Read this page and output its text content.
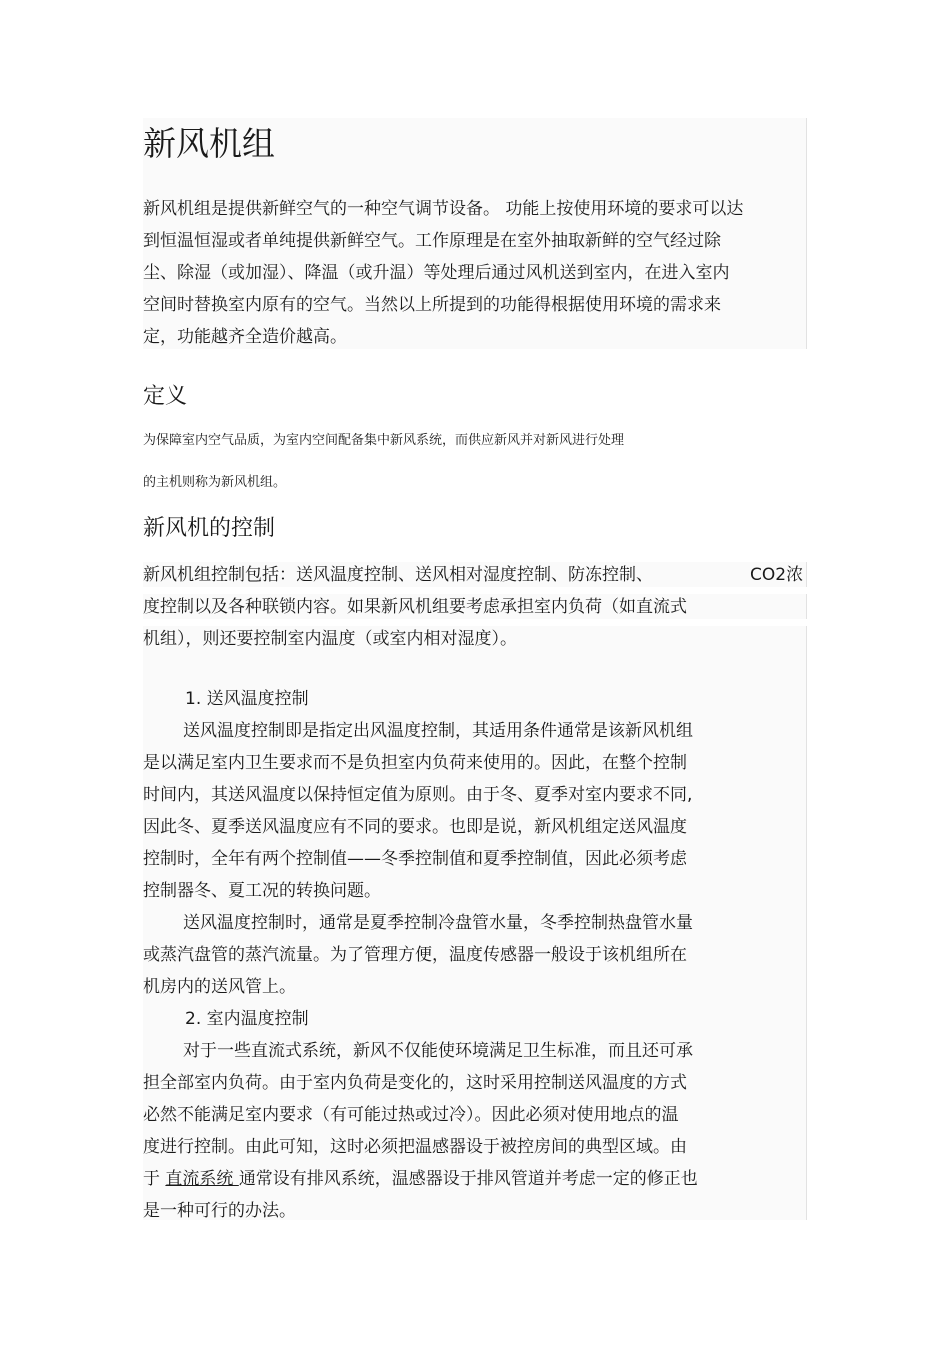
新风机组
新风机组是提供新鲜空气的一种空气调节设备。 功能上按使用环境的要求可以达
到恒温恒湿或者单纯提供新鲜空气。工作原理是在室外抽取新鲜的空气经过除
尘、除湿（或加湿）、降温（或升温）等处理后通过风机送到室内，在进入室内
空间时替换室内原有的空气。当然以上所提到的功能得根据使用环境的需求来
定，功能越齐全造价越高。
定义
为保障室内空气品质，为室内空间配备集中新风系统，而供应新风并对新风进行处理
的主机则称为新风机组。
新风机的控制
新风机组控制包括：送风温度控制、送风相对湿度控制、防冻控制、	CO2浓
度控制以及各种联锁内容。如果新风机组要考虑承担室内负荷（如直流式
机组），则还要控制室内温度（或室内相对湿度）。
1. 送风温度控制
送风温度控制即是指定出风温度控制，其适用条件通常是该新风机组
是以满足室内卫生要求而不是负担室内负荷来使用的。因此，在整个控制
时间内，其送风温度以保持恒定值为原则。由于冬、夏季对室内要求不同,
因此冬、夏季送风温度应有不同的要求。也即是说，新风机组定送风温度
控制时，全年有两个控制值——冬季控制值和夏季控制值，因此必须考虑
控制器冬、夏工况的转换问题。
送风温度控制时，通常是夏季控制冷盘管水量，冬季控制热盘管水量
或蒸汽盘管的蒸汽流量。为了管理方便，温度传感器一般设于该机组所在
机房内的送风管上。
2. 室内温度控制
对于一些直流式系统，新风不仅能使环境满足卫生标准，而且还可承
担全部室内负荷。由于室内负荷是变化的，这时采用控制送风温度的方式
必然不能满足室内要求（有可能过热或过冷）。因此必须对使用地点的温
度进行控制。由此可知，这时必须把温感器设于被控房间的典型区域。由
于 直流系统 通常设有排风系统，温感器设于排风管道并考虑一定的修正也
是一种可行的办法。
